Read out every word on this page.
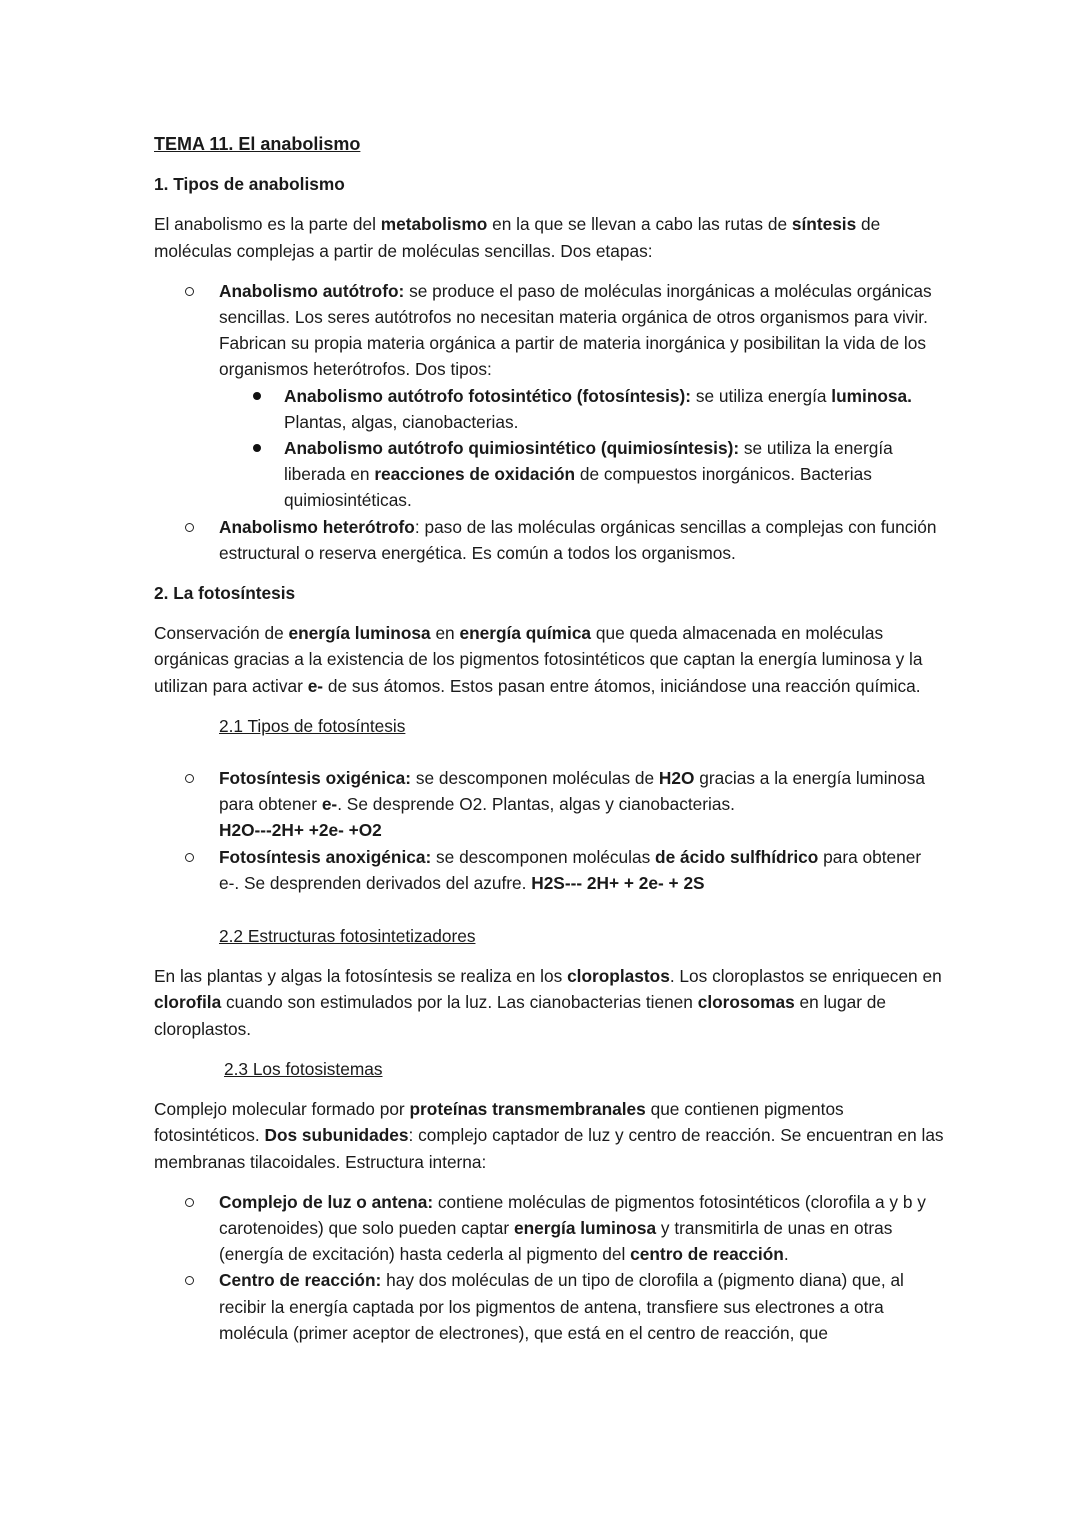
TEMA 11. El anabolismo

1. Tipos de anabolismo

El anabolismo es la parte del metabolismo en la que se llevan a cabo las rutas de síntesis de moléculas complejas a partir de moléculas sencillas. Dos etapas:

Anabolismo autótrofo: se produce el paso de moléculas inorgánicas a moléculas orgánicas sencillas. Los seres autótrofos no necesitan materia orgánica de otros organismos para vivir. Fabrican su propia materia orgánica a partir de materia inorgánica y posibilitan la vida de los organismos heterótrofos. Dos tipos:
Anabolismo autótrofo fotosintético (fotosíntesis): se utiliza energía luminosa. Plantas, algas, cianobacterias.
Anabolismo autótrofo quimiosintético (quimiosíntesis): se utiliza la energía liberada en reacciones de oxidación de compuestos inorgánicos. Bacterias quimiosintéticas.
Anabolismo heterótrofo: paso de las moléculas orgánicas sencillas a complejas con función estructural o reserva energética. Es común a todos los organismos.

2. La fotosíntesis

Conservación de energía luminosa en energía química que queda almacenada en moléculas orgánicas gracias a la existencia de los pigmentos fotosintéticos que captan la energía luminosa y la utilizan para activar e- de sus átomos. Estos pasan entre átomos, iniciándose una reacción química.

2.1 Tipos de fotosíntesis

Fotosíntesis oxigénica: se descomponen moléculas de H2O gracias a la energía luminosa para obtener e-. Se desprende O2. Plantas, algas y cianobacterias.
H2O---2H+ +2e- +O2
Fotosíntesis anoxigénica: se descomponen moléculas de ácido sulfhídrico para obtener e-. Se desprenden derivados del azufre. H2S--- 2H+ + 2e- + 2S

2.2 Estructuras fotosintetizadores

En las plantas y algas la fotosíntesis se realiza en los cloroplastos. Los cloroplastos se enriquecen en clorofila cuando son estimulados por la luz. Las cianobacterias tienen clorosomas en lugar de cloroplastos.

2.3 Los fotosistemas

Complejo molecular formado por proteínas transmembranales que contienen pigmentos fotosintéticos. Dos subunidades: complejo captador de luz y centro de reacción. Se encuentran en las membranas tilacoidales. Estructura interna:

Complejo de luz o antena: contiene moléculas de pigmentos fotosintéticos (clorofila a y b y carotenoides) que solo pueden captar energía luminosa y transmitirla de unas en otras (energía de excitación) hasta cederla al pigmento del centro de reacción.
Centro de reacción: hay dos moléculas de un tipo de clorofila a (pigmento diana) que, al recibir la energía captada por los pigmentos de antena, transfiere sus electrones a otra molécula (primer aceptor de electrones), que está en el centro de reacción, que
